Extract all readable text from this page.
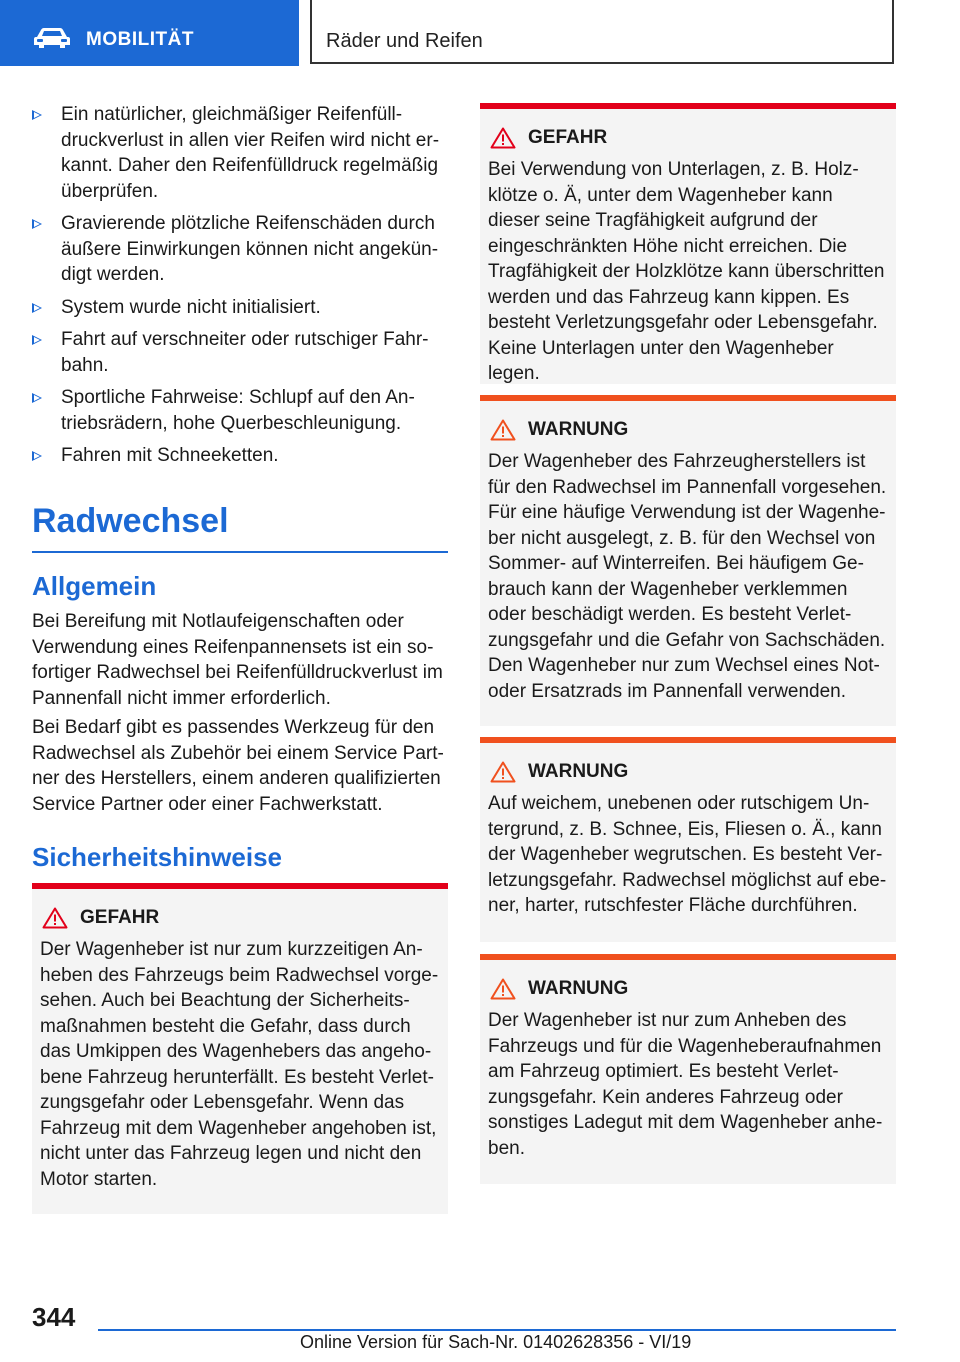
MOBILITÄT	Räder und Reifen
Ein natürlicher, gleichmäßiger Reifenfülldruckverlust in allen vier Reifen wird nicht erkannt. Daher den Reifenfülldruck regelmäßig überprüfen.
Gravierende plötzliche Reifenschäden durch äußere Einwirkungen können nicht angekündigt werden.
System wurde nicht initialisiert.
Fahrt auf verschneiter oder rutschiger Fahrbahn.
Sportliche Fahrweise: Schlupf auf den Antriebsrädern, hohe Querbeschleunigung.
Fahren mit Schneeketten.
Radwechsel
Allgemein

Bei Bereifung mit Notlaufeigenschaften oder Verwendung eines Reifenpannensets ist ein sofortiger Radwechsel bei Reifenfülldruckverlust im Pannenfall nicht immer erforderlich.

Bei Bedarf gibt es passendes Werkzeug für den Radwechsel als Zubehör bei einem Service Partner des Herstellers, einem anderen qualifizierten Service Partner oder einer Fachwerkstatt.

Sicherheitshinweise
GEFAHR

Der Wagenheber ist nur zum kurzzeitigen Anheben des Fahrzeugs beim Radwechsel vorgesehen. Auch bei Beachtung der Sicherheitsmaßnahmen besteht die Gefahr, dass durch das Umkippen des Wagenhebers das angehobene Fahrzeug herunterfällt. Es besteht Verletzungsgefahr oder Lebensgefahr. Wenn das Fahrzeug mit dem Wagenheber angehoben ist, nicht unter das Fahrzeug legen und nicht den Motor starten.

GEFAHR

Bei Verwendung von Unterlagen, z. B. Holzklötze o. Ä, unter dem Wagenheber kann dieser seine Tragfähigkeit aufgrund der eingeschränkten Höhe nicht erreichen. Die Tragfähigkeit der Holzklötze kann überschritten werden und das Fahrzeug kann kippen. Es besteht Verletzungsgefahr oder Lebensgefahr. Keine Unterlagen unter den Wagenheber legen.

WARNUNG

Der Wagenheber des Fahrzeugherstellers ist für den Radwechsel im Pannenfall vorgesehen. Für eine häufige Verwendung ist der Wagenheber nicht ausgelegt, z. B. für den Wechsel von Sommer- auf Winterreifen. Bei häufigem Gebrauch kann der Wagenheber verklemmen oder beschädigt werden. Es besteht Verletzungsgefahr und die Gefahr von Sachschäden. Den Wagenheber nur zum Wechsel eines Not- oder Ersatzrads im Pannenfall verwenden.

WARNUNG

Auf weichem, unebenen oder rutschigem Untergrund, z. B. Schnee, Eis, Fliesen o. Ä., kann der Wagenheber wegrutschen. Es besteht Verletzungsgefahr. Radwechsel möglichst auf ebener, harter, rutschfester Fläche durchführen.

WARNUNG

Der Wagenheber ist nur zum Anheben des Fahrzeugs und für die Wagenheberaufnahmen am Fahrzeug optimiert. Es besteht Verletzungsgefahr. Kein anderes Fahrzeug oder sonstiges Ladegut mit dem Wagenheber anheben.

344
Online Version für Sach-Nr. 01402628356 - VI/19
